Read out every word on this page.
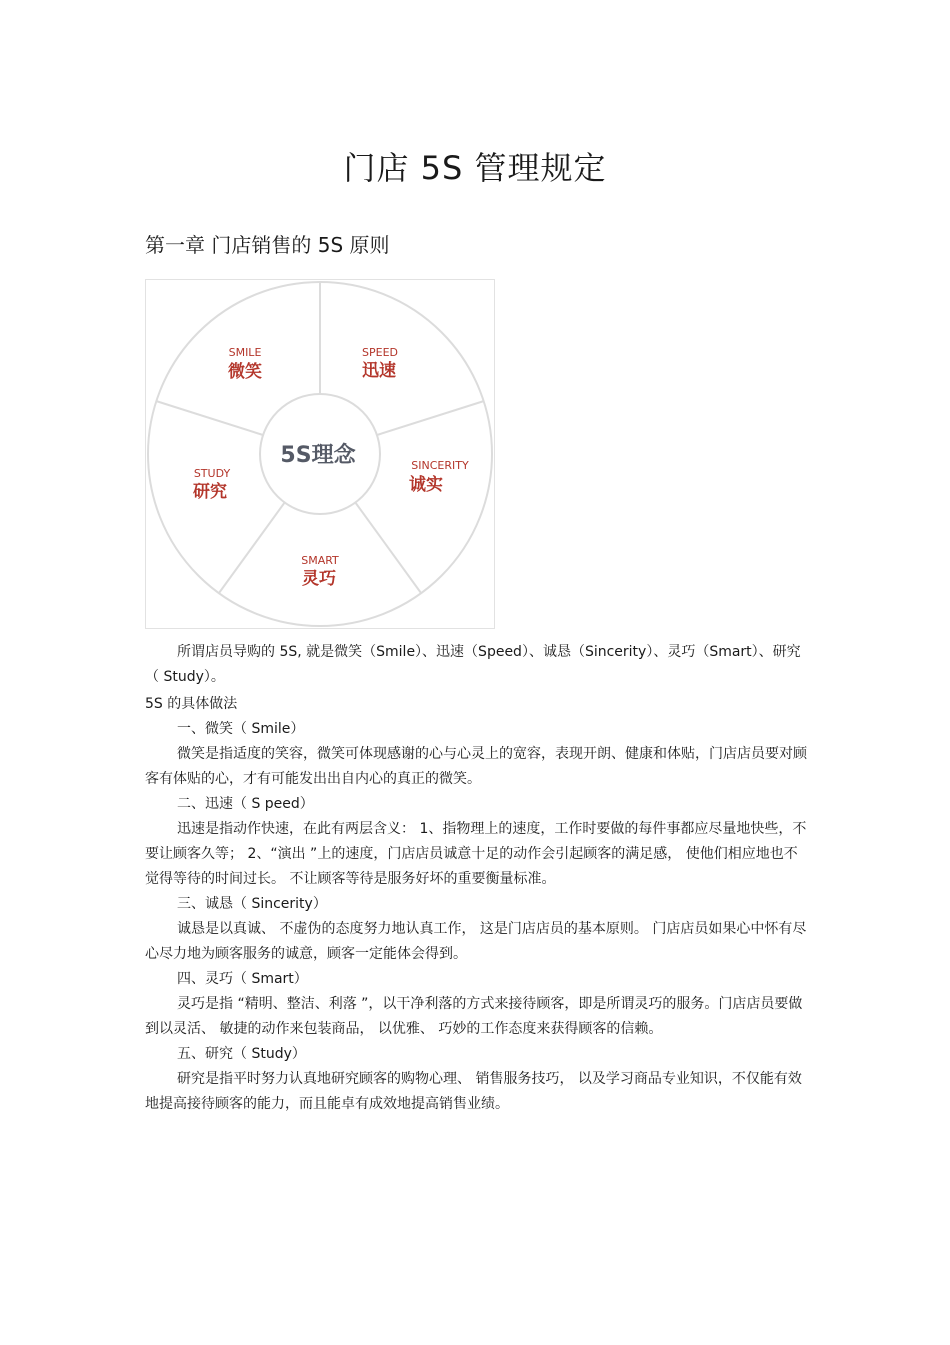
门店 5S 管理规定
第一章 门店销售的 5S 原则
5S理念
SMILE
微笑
SPEED
迅速
SINCERITY
诚实
SMART
灵巧
STUDY
研究

所谓店员导购的 5S, 就是微笑（Smile）、迅速（Speed）、诚恳（Sincerity）、灵巧（Smart）、研究（ Study）。

5S 的具体做法

一、微笑（ Smile）

微笑是指适度的笑容，微笑可体现感谢的心与心灵上的宽容，表现开朗、健康和体贴，门店店员要对顾客有体贴的心，才有可能发出出自内心的真正的微笑。

二、迅速（ S peed）

迅速是指动作快速，在此有两层含义： 1、指物理上的速度，工作时要做的每件事都应尽量地快些，不要让顾客久等； 2、“演出 ”上的速度，门店店员诚意十足的动作会引起顾客的满足感， 使他们相应地也不觉得等待的时间过长。 不让顾客等待是服务好坏的重要衡量标准。

三、诚恳（ Sincerity）

诚恳是以真诚、 不虚伪的态度努力地认真工作， 这是门店店员的基本原则。 门店店员如果心中怀有尽心尽力地为顾客服务的诚意，顾客一定能体会得到。

四、灵巧（ Smart）

灵巧是指 “精明、整洁、利落 ”，以干净利落的方式来接待顾客，即是所谓灵巧的服务。门店店员要做到以灵活、 敏捷的动作来包装商品， 以优雅、 巧妙的工作态度来获得顾客的信赖。

五、研究（ Study）

研究是指平时努力认真地研究顾客的购物心理、 销售服务技巧， 以及学习商品专业知识，不仅能有效地提高接待顾客的能力，而且能卓有成效地提高销售业绩。
